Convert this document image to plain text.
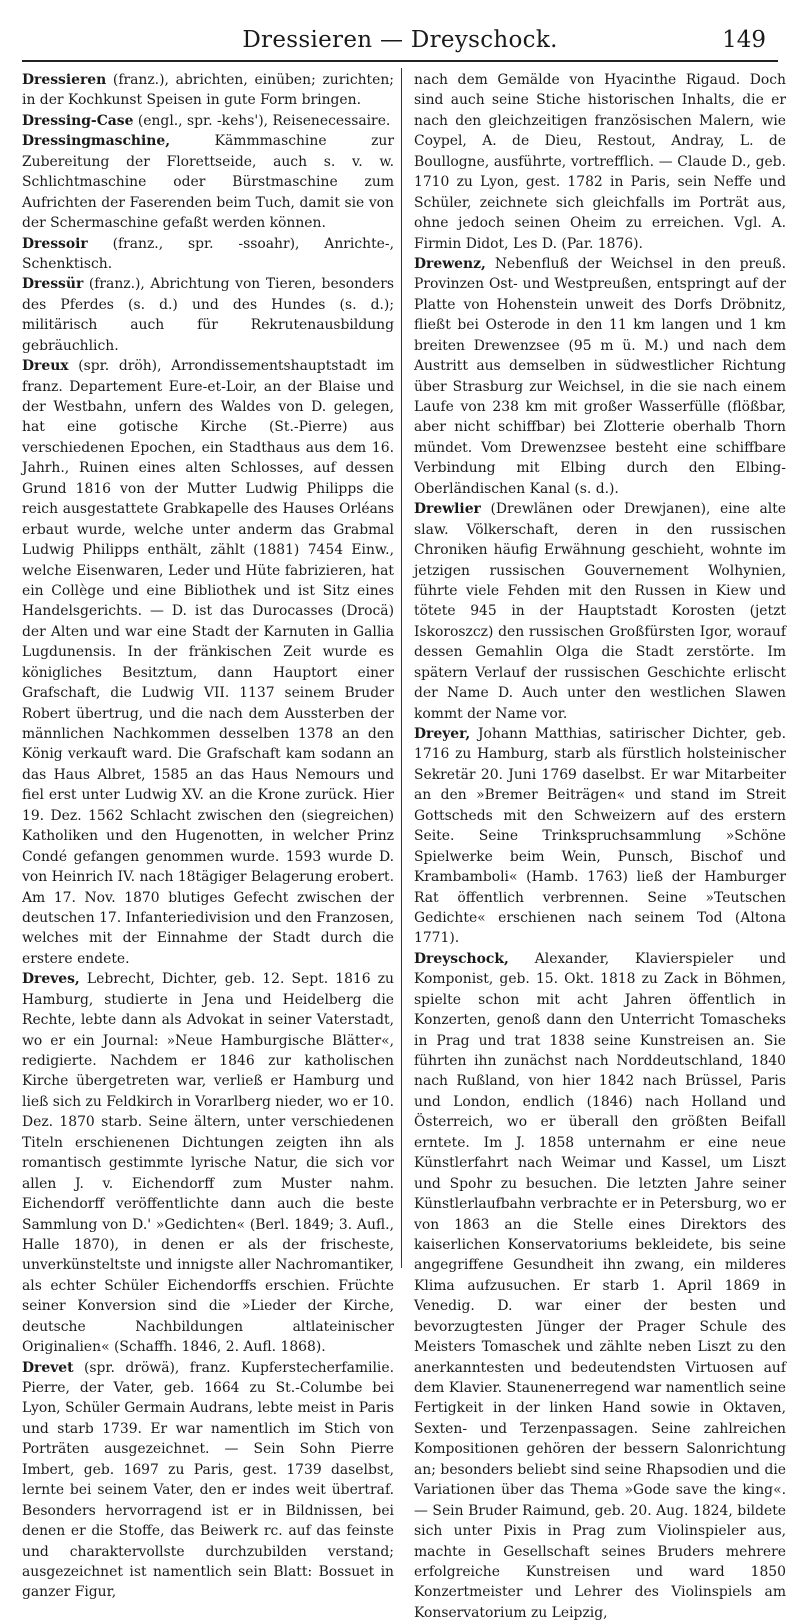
Dressieren — Dreyschock.	149

Dressieren (franz.), abrichten, einüben; zurichten; in der Kochkunst Speisen in gute Form bringen.

Dressing-Case (engl., spr. -kehs'), Reisenecessaire.

Dressingmaschine, Kämmmaschine zur Zubereitung der Florettseide, auch s. v. w. Schlichtmaschine oder Bürstmaschine zum Aufrichten der Faserenden beim Tuch, damit sie von der Schermaschine gefaßt werden können.

Dressoir (franz., spr. -ssoahr), Anrichte-, Schenktisch.

Dressür (franz.), Abrichtung von Tieren, besonders des Pferdes (s. d.) und des Hundes (s. d.); militärisch auch für Rekrutenausbildung gebräuchlich.

Dreux (spr. dröh), Arrondissementshauptstadt im franz. Departement Eure-et-Loir, an der Blaise und der Westbahn, unfern des Waldes von D. gelegen, hat eine gotische Kirche (St.-Pierre) aus verschiedenen Epochen, ein Stadthaus aus dem 16. Jahrh., Ruinen eines alten Schlosses, auf dessen Grund 1816 von der Mutter Ludwig Philipps die reich ausgestattete Grabkapelle des Hauses Orléans erbaut wurde, welche unter anderm das Grabmal Ludwig Philipps enthält, zählt (1881) 7454 Einw., welche Eisenwaren, Leder und Hüte fabrizieren, hat ein Collège und eine Bibliothek und ist Sitz eines Handelsgerichts. — D. ist das Durocasses (Drocä) der Alten und war eine Stadt der Karnuten in Gallia Lugdunensis. In der fränkischen Zeit wurde es königliches Besitztum, dann Hauptort einer Grafschaft, die Ludwig VII. 1137 seinem Bruder Robert übertrug, und die nach dem Aussterben der männlichen Nachkommen desselben 1378 an den König verkauft ward. Die Grafschaft kam sodann an das Haus Albret, 1585 an das Haus Nemours und fiel erst unter Ludwig XV. an die Krone zurück. Hier 19. Dez. 1562 Schlacht zwischen den (siegreichen) Katholiken und den Hugenotten, in welcher Prinz Condé gefangen genommen wurde. 1593 wurde D. von Heinrich IV. nach 18tägiger Belagerung erobert. Am 17. Nov. 1870 blutiges Gefecht zwischen der deutschen 17. Infanteriedivision und den Franzosen, welches mit der Einnahme der Stadt durch die erstere endete.

Dreves, Lebrecht, Dichter, geb. 12. Sept. 1816 zu Hamburg, studierte in Jena und Heidelberg die Rechte, lebte dann als Advokat in seiner Vaterstadt, wo er ein Journal: »Neue Hamburgische Blätter«, redigierte. Nachdem er 1846 zur katholischen Kirche übergetreten war, verließ er Hamburg und ließ sich zu Feldkirch in Vorarlberg nieder, wo er 10. Dez. 1870 starb. Seine ältern, unter verschiedenen Titeln erschienenen Dichtungen zeigten ihn als romantisch gestimmte lyrische Natur, die sich vor allen J. v. Eichendorff zum Muster nahm. Eichendorff veröffentlichte dann auch die beste Sammlung von D.' »Gedichten« (Berl. 1849; 3. Aufl., Halle 1870), in denen er als der frischeste, unverkünsteltste und innigste aller Nachromantiker, als echter Schüler Eichendorffs erschien. Früchte seiner Konversion sind die »Lieder der Kirche, deutsche Nachbildungen altlateinischer Originalien« (Schaffh. 1846, 2. Aufl. 1868).

Drevet (spr. dröwä), franz. Kupferstecherfamilie. Pierre, der Vater, geb. 1664 zu St.-Columbe bei Lyon, Schüler Germain Audrans, lebte meist in Paris und starb 1739. Er war namentlich im Stich von Porträten ausgezeichnet. — Sein Sohn Pierre Imbert, geb. 1697 zu Paris, gest. 1739 daselbst, lernte bei seinem Vater, den er indes weit übertraf. Besonders hervorragend ist er in Bildnissen, bei denen er die Stoffe, das Beiwerk rc. auf das feinste und charaktervollste durchzubilden verstand; ausgezeichnet ist namentlich sein Blatt: Bossuet in ganzer Figur,

nach dem Gemälde von Hyacinthe Rigaud. Doch sind auch seine Stiche historischen Inhalts, die er nach den gleichzeitigen französischen Malern, wie Coypel, A. de Dieu, Restout, Andray, L. de Boullogne, ausführte, vortrefflich. — Claude D., geb. 1710 zu Lyon, gest. 1782 in Paris, sein Neffe und Schüler, zeichnete sich gleichfalls im Porträt aus, ohne jedoch seinen Oheim zu erreichen. Vgl. A. Firmin Didot, Les D. (Par. 1876).

Drewenz, Nebenfluß der Weichsel in den preuß. Provinzen Ost- und Westpreußen, entspringt auf der Platte von Hohenstein unweit des Dorfs Dröbnitz, fließt bei Osterode in den 11 km langen und 1 km breiten Drewenzsee (95 m ü. M.) und nach dem Austritt aus demselben in südwestlicher Richtung über Strasburg zur Weichsel, in die sie nach einem Laufe von 238 km mit großer Wasserfülle (flößbar, aber nicht schiffbar) bei Zlotterie oberhalb Thorn mündet. Vom Drewenzsee besteht eine schiffbare Verbindung mit Elbing durch den Elbing-Oberländischen Kanal (s. d.).

Drewlier (Drewlänen oder Drewjanen), eine alte slaw. Völkerschaft, deren in den russischen Chroniken häufig Erwähnung geschieht, wohnte im jetzigen russischen Gouvernement Wolhynien, führte viele Fehden mit den Russen in Kiew und tötete 945 in der Hauptstadt Korosten (jetzt Iskoroszcz) den russischen Großfürsten Igor, worauf dessen Gemahlin Olga die Stadt zerstörte. Im spätern Verlauf der russischen Geschichte erlischt der Name D. Auch unter den westlichen Slawen kommt der Name vor.

Dreyer, Johann Matthias, satirischer Dichter, geb. 1716 zu Hamburg, starb als fürstlich holsteinischer Sekretär 20. Juni 1769 daselbst. Er war Mitarbeiter an den »Bremer Beiträgen« und stand im Streit Gottscheds mit den Schweizern auf des erstern Seite. Seine Trinkspruchsammlung »Schöne Spielwerke beim Wein, Punsch, Bischof und Krambamboli« (Hamb. 1763) ließ der Hamburger Rat öffentlich verbrennen. Seine »Teutschen Gedichte« erschienen nach seinem Tod (Altona 1771).

Dreyschock, Alexander, Klavierspieler und Komponist, geb. 15. Okt. 1818 zu Zack in Böhmen, spielte schon mit acht Jahren öffentlich in Konzerten, genoß dann den Unterricht Tomascheks in Prag und trat 1838 seine Kunstreisen an. Sie führten ihn zunächst nach Norddeutschland, 1840 nach Rußland, von hier 1842 nach Brüssel, Paris und London, endlich (1846) nach Holland und Österreich, wo er überall den größten Beifall erntete. Im J. 1858 unternahm er eine neue Künstlerfahrt nach Weimar und Kassel, um Liszt und Spohr zu besuchen. Die letzten Jahre seiner Künstlerlaufbahn verbrachte er in Petersburg, wo er von 1863 an die Stelle eines Direktors des kaiserlichen Konservatoriums bekleidete, bis seine angegriffene Gesundheit ihn zwang, ein milderes Klima aufzusuchen. Er starb 1. April 1869 in Venedig. D. war einer der besten und bevorzugtesten Jünger der Prager Schule des Meisters Tomaschek und zählte neben Liszt zu den anerkanntesten und bedeutendsten Virtuosen auf dem Klavier. Staunenerregend war namentlich seine Fertigkeit in der linken Hand sowie in Oktaven, Sexten- und Terzenpassagen. Seine zahlreichen Kompositionen gehören der bessern Salonrichtung an; besonders beliebt sind seine Rhapsodien und die Variationen über das Thema »Gode save the king«. — Sein Bruder Raimund, geb. 20. Aug. 1824, bildete sich unter Pixis in Prag zum Violinspieler aus, machte in Gesellschaft seines Bruders mehrere erfolgreiche Kunstreisen und ward 1850 Konzertmeister und Lehrer des Violinspiels am Konservatorium zu Leipzig,
